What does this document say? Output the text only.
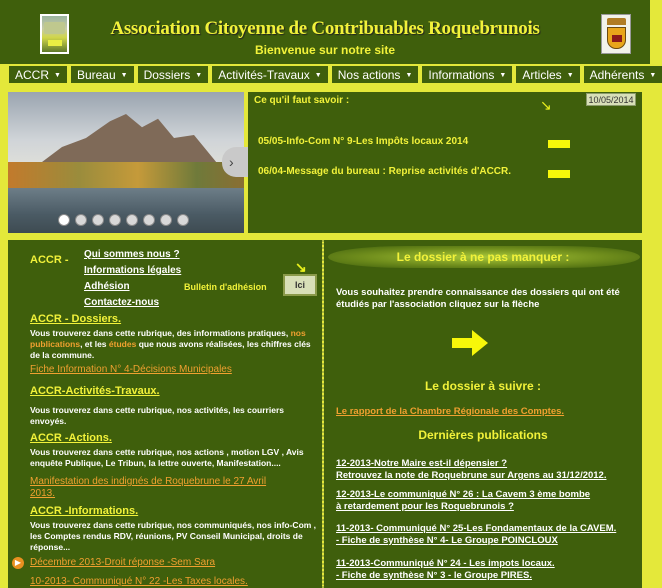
Association Citoyenne de Contribuables Roquebrunois
Bienvenue sur notre site
ACCR ▼ Bureau ▼ Dossiers ▼ Activités-Travaux ▼ Nos actions ▼ Informations ▼ Articles ▼ Adhérents ▼
›
Ce qu'il faut savoir :	↘	10/05/2014
05/05-Info-Com N° 9-Les Impôts locaux 2014
06/04-Message du bureau : Reprise activités d'ACCR.
ACCR - Qui sommes nous ?
Informations légales
Adhésion
Contactez-nous
Bulletin d'adhésion
↘
Ici
ACCR - Dossiers.
Vous trouverez dans cette rubrique, des informations pratiques, nos publications, et les études que nous avons réalisées, les chiffres clés de la commune.
Fiche Information N° 4-Décisions Municipales
ACCR-Activités-Travaux.
Vous trouverez dans cette rubrique, nos activités, les courriers envoyés.
ACCR -Actions.
Vous trouverez dans cette rubrique, nos actions , motion LGV , Avis enquête Publique, Le Tribun, la lettre ouverte, Manifestation....
Manifestation des indignés de Roquebrune le 27 Avril 2013.
ACCR -Informations.
Vous trouverez dans cette rubrique, nos communiqués, nos info-Com , les Comptes rendus RDV, réunions, PV Conseil Municipal, droits de réponse...
▶ Décembre 2013-Droit réponse -Sem Sara
10-2013- Communiqué N° 22 -Les Taxes locales.
Le dossier à ne pas manquer :
Vous souhaitez prendre connaissance des dossiers qui ont été étudiés par l'association cliquez sur la flèche
Le dossier à suivre :
Le rapport de la Chambre Régionale des Comptes.
Dernières publications
12-2013-Notre Maire est-il dépensier ?
Retrouvez la note de Roquebrune sur Argens au 31/12/2012.
12-2013-Le communiqué N° 26 : La Cavem 3 ème bombe
à retardement pour les Roquebrunois ?
11-2013- Communiqué N° 25-Les Fondamentaux de la CAVEM.
- Fiche de synthèse N° 4- Le Groupe POINCLOUX
11-2013-Communiqué N° 24 - Les impots locaux.
- Fiche de synthèse N° 3 - le Groupe PIRES.
